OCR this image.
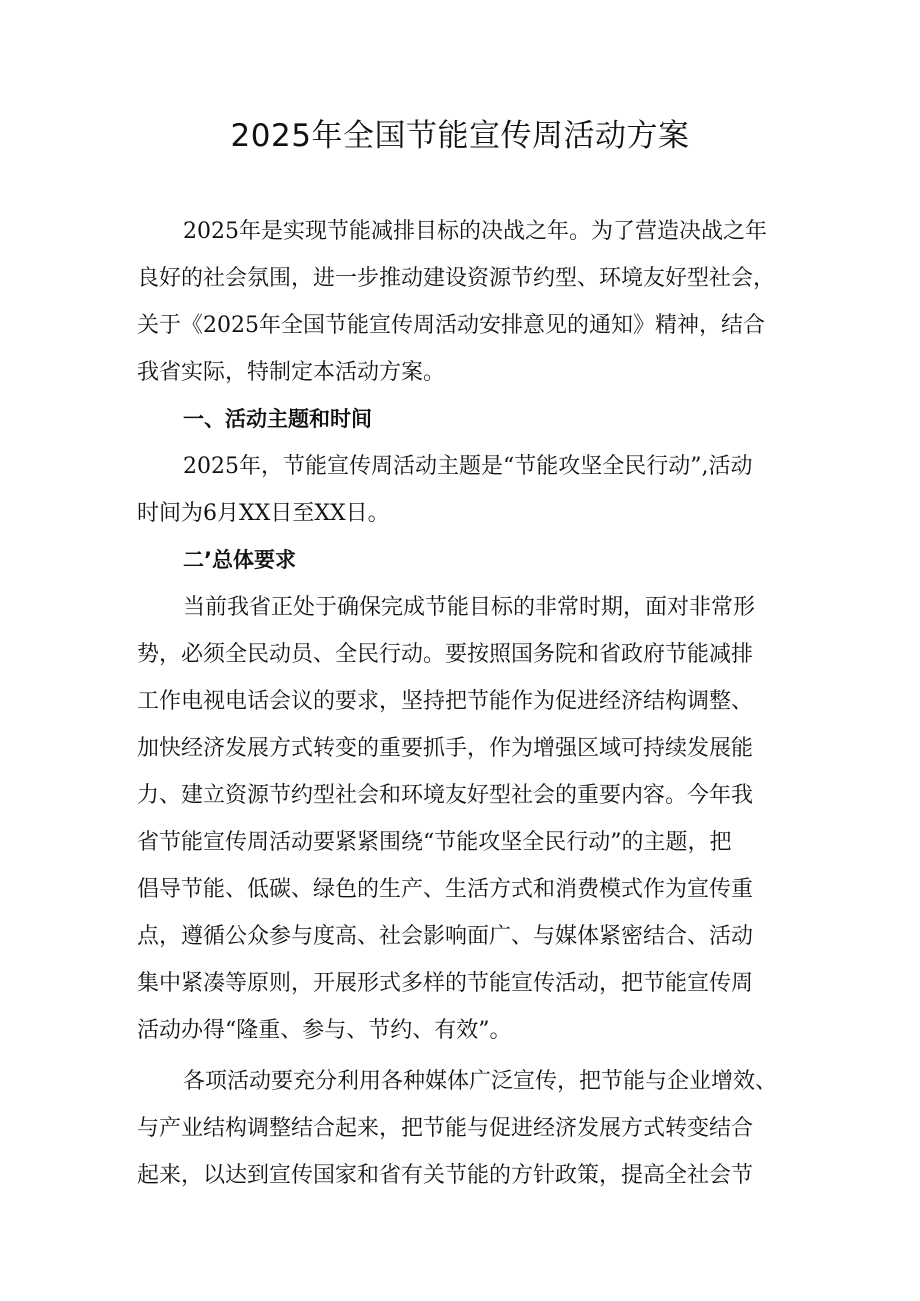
2025年全国节能宣传周活动方案

2025年是实现节能减排目标的决战之年。为了营造决战之年
良好的社会氛围，进一步推动建设资源节约型、环境友好型社会，
关于《2025年全国节能宣传周活动安排意见的通知》精神，结合
我省实际，特制定本活动方案。

一、活动主题和时间

2025年，节能宣传周活动主题是“节能攻坚全民行动”,活动
时间为6月XX日至XX日。

二’总体要求

当前我省正处于确保完成节能目标的非常时期，面对非常形
势，必须全民动员、全民行动。要按照国务院和省政府节能减排
工作电视电话会议的要求，坚持把节能作为促进经济结构调整、
加快经济发展方式转变的重要抓手，作为增强区域可持续发展能
力、建立资源节约型社会和环境友好型社会的重要内容。今年我
省节能宣传周活动要紧紧围绕“节能攻坚全民行动”的主题，把
倡导节能、低碳、绿色的生产、生活方式和消费模式作为宣传重
点，遵循公众参与度高、社会影响面广、与媒体紧密结合、活动
集中紧凑等原则，开展形式多样的节能宣传活动，把节能宣传周
活动办得“隆重、参与、节约、有效”。

各项活动要充分利用各种媒体广泛宣传，把节能与企业增效、
与产业结构调整结合起来，把节能与促进经济发展方式转变结合
起来，以达到宣传国家和省有关节能的方针政策，提高全社会节
